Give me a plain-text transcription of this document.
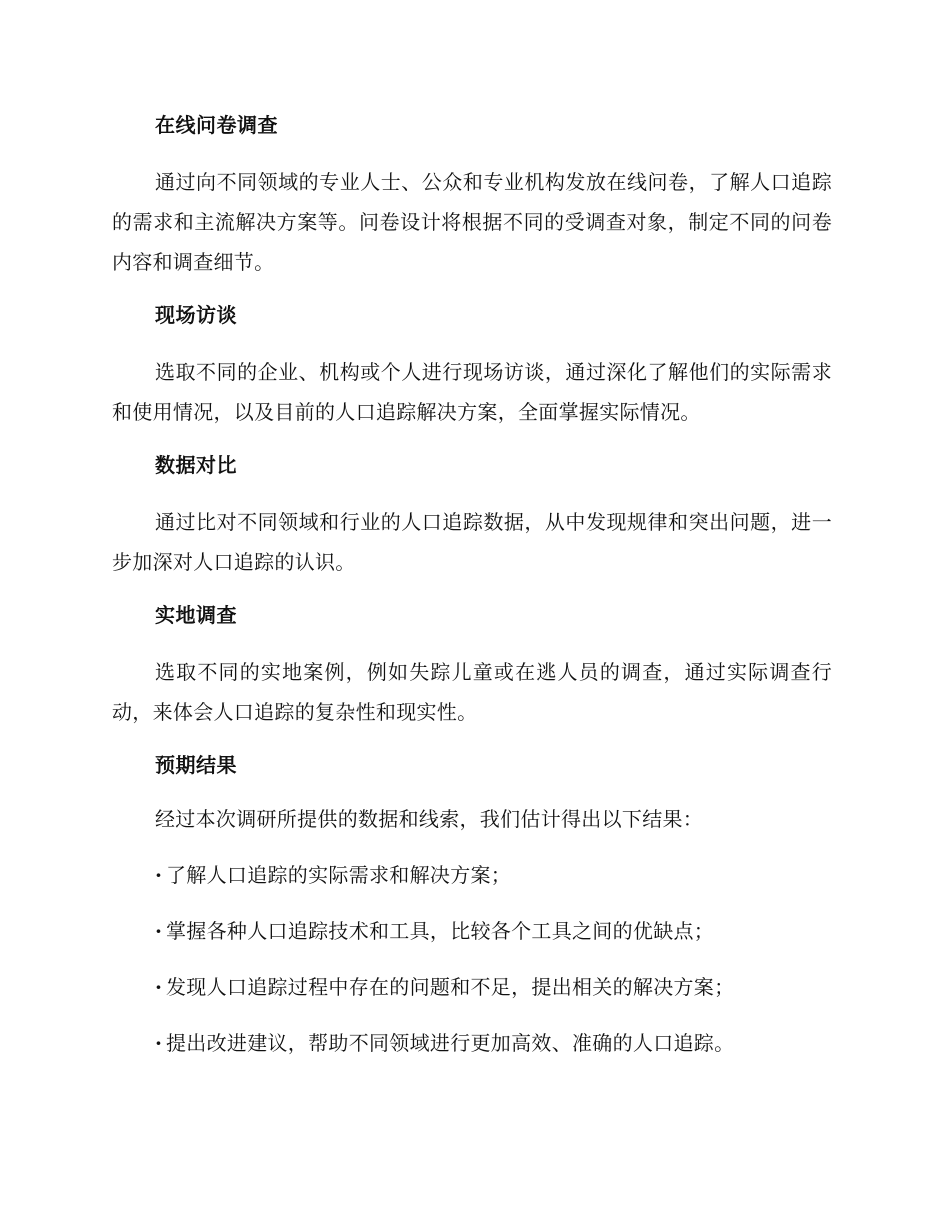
在线问卷调查
通过向不同领域的专业人士、公众和专业机构发放在线问卷，了解人口追踪的需求和主流解决方案等。问卷设计将根据不同的受调查对象，制定不同的问卷内容和调查细节。
现场访谈
选取不同的企业、机构或个人进行现场访谈，通过深化了解他们的实际需求和使用情况，以及目前的人口追踪解决方案，全面掌握实际情况。
数据对比
通过比对不同领域和行业的人口追踪数据，从中发现规律和突出问题，进一步加深对人口追踪的认识。
实地调查
选取不同的实地案例，例如失踪儿童或在逃人员的调查，通过实际调查行动，来体会人口追踪的复杂性和现实性。
预期结果
经过本次调研所提供的数据和线索，我们估计得出以下结果：
· 了解人口追踪的实际需求和解决方案；
· 掌握各种人口追踪技术和工具，比较各个工具之间的优缺点；
· 发现人口追踪过程中存在的问题和不足，提出相关的解决方案；
· 提出改进建议，帮助不同领域进行更加高效、准确的人口追踪。
